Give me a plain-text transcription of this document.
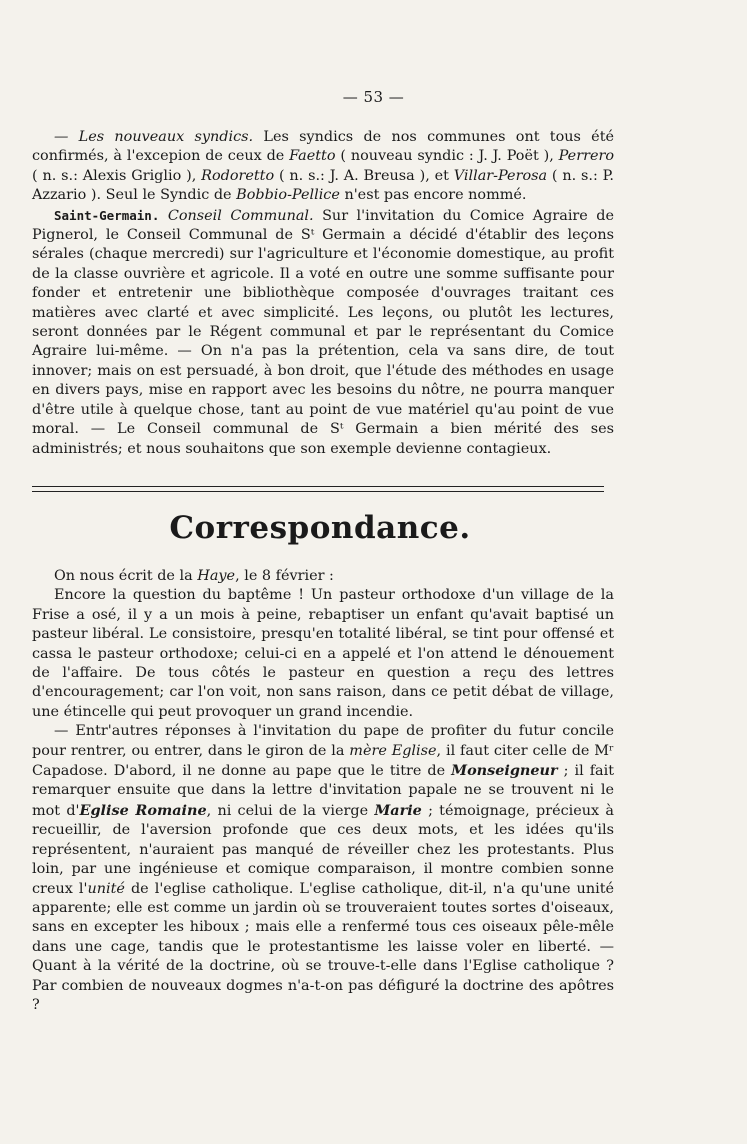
— 53 —

— Les nouveaux syndics. Les syndics de nos communes ont tous été confirmés, à l'excepion de ceux de Faetto ( nouveau syndic : J. J. Poët ), Perrero ( n. s.: Alexis Griglio ), Rodoretto ( n. s.: J. A. Breusa ), et Villar-Perosa ( n. s.: P. Azzario ). Seul le Syndic de Bobbio-Pellice n'est pas encore nommé.

Saint-Germain. Conseil Communal. Sur l'invitation du Comice Agraire de Pignerol, le Conseil Communal de Sᵗ Germain a décidé d'établir des leçons sérales (chaque mercredi) sur l'agriculture et l'économie domestique, au profit de la classe ouvrière et agricole. Il a voté en outre une somme suffisante pour fonder et entretenir une bibliothèque composée d'ouvrages traitant ces matières avec clarté et avec simplicité. Les leçons, ou plutôt les lectures, seront données par le Régent communal et par le représentant du Comice Agraire lui-même. — On n'a pas la prétention, cela va sans dire, de tout innover; mais on est persuadé, à bon droit, que l'étude des méthodes en usage en divers pays, mise en rapport avec les besoins du nôtre, ne pourra manquer d'être utile à quelque chose, tant au point de vue matériel qu'au point de vue moral. — Le Conseil communal de Sᵗ Germain a bien mérité des ses administrés; et nous souhaitons que son exemple devienne contagieux.

Correspondance.

On nous écrit de la Haye, le 8 février :

Encore la question du baptême ! Un pasteur orthodoxe d'un village de la Frise a osé, il y a un mois à peine, rebaptiser un enfant qu'avait baptisé un pasteur libéral. Le consistoire, presqu'en totalité libéral, se tint pour offensé et cassa le pasteur orthodoxe; celui-ci en a appelé et l'on attend le dénouement de l'affaire. De tous côtés le pasteur en question a reçu des lettres d'encouragement; car l'on voit, non sans raison, dans ce petit débat de village, une étincelle qui peut provoquer un grand incendie.

— Entr'autres réponses à l'invitation du pape de profiter du futur concile pour rentrer, ou entrer, dans le giron de la mère Eglise, il faut citer celle de Mʳ Capadose. D'abord, il ne donne au pape que le titre de Monseigneur ; il fait remarquer ensuite que dans la lettre d'invitation papale ne se trouvent ni le mot d'Eglise Romaine, ni celui de la vierge Marie ; témoignage, précieux à recueillir, de l'aversion profonde que ces deux mots, et les idées qu'ils représentent, n'auraient pas manqué de réveiller chez les protestants. Plus loin, par une ingénieuse et comique comparaison, il montre combien sonne creux l'unité de l'eglise catholique. L'eglise catholique, dit-il, n'a qu'une unité apparente; elle est comme un jardin où se trouveraient toutes sortes d'oiseaux, sans en excepter les hiboux ; mais elle a renfermé tous ces oiseaux pêle-mêle dans une cage, tandis que le protestantisme les laisse voler en liberté. — Quant à la vérité de la doctrine, où se trouve-t-elle dans l'Eglise catholique ? Par combien de nouveaux dogmes n'a-t-on pas défiguré la doctrine des apôtres ?
